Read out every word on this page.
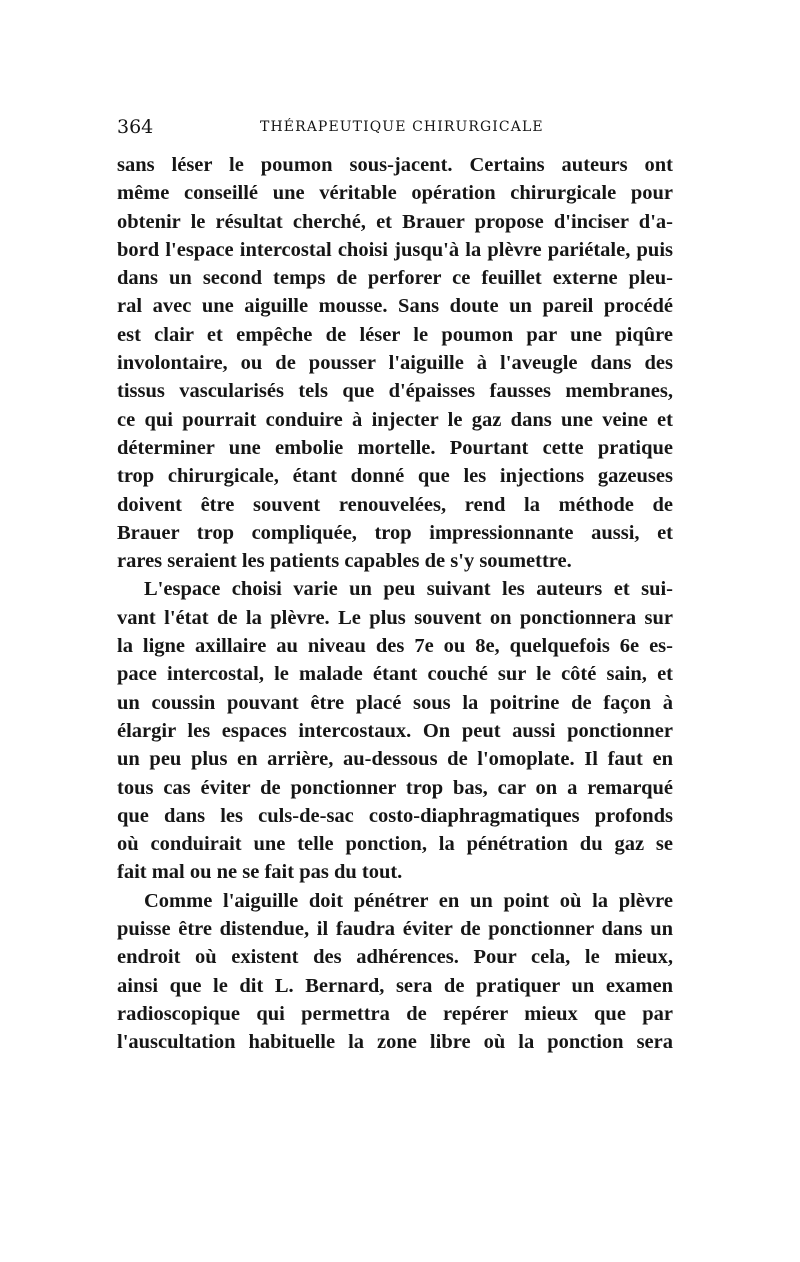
364	THÉRAPEUTIQUE CHIRURGICALE
sans léser le poumon sous-jacent. Certains auteurs ont
même conseillé une véritable opération chirurgicale pour
obtenir le résultat cherché, et Brauer propose d'inciser d'a-
bord l'espace intercostal choisi jusqu'à la plèvre pariétale, puis
dans un second temps de perforer ce feuillet externe pleu-
ral avec une aiguille mousse. Sans doute un pareil procédé
est clair et empêche de léser le poumon par une piqûre
involontaire, ou de pousser l'aiguille à l'aveugle dans des
tissus vascularisés tels que d'épaisses fausses membranes,
ce qui pourrait conduire à injecter le gaz dans une veine et
déterminer une embolie mortelle. Pourtant cette pratique
trop chirurgicale, étant donné que les injections gazeuses
doivent être souvent renouvelées, rend la méthode de
Brauer trop compliquée, trop impressionnante aussi, et
rares seraient les patients capables de s'y soumettre.
L'espace choisi varie un peu suivant les auteurs et sui-
vant l'état de la plèvre. Le plus souvent on ponctionnera sur
la ligne axillaire au niveau des 7e ou 8e, quelquefois 6e es-
pace intercostal, le malade étant couché sur le côté sain, et
un coussin pouvant être placé sous la poitrine de façon à
élargir les espaces intercostaux. On peut aussi ponctionner
un peu plus en arrière, au-dessous de l'omoplate. Il faut en
tous cas éviter de ponctionner trop bas, car on a remarqué
que dans les culs-de-sac costo-diaphragmatiques profonds
où conduirait une telle ponction, la pénétration du gaz se
fait mal ou ne se fait pas du tout.
Comme l'aiguille doit pénétrer en un point où la plèvre
puisse être distendue, il faudra éviter de ponctionner dans un
endroit où existent des adhérences. Pour cela, le mieux,
ainsi que le dit L. Bernard, sera de pratiquer un examen
radioscopique qui permettra de repérer mieux que par
l'auscultation habituelle la zone libre où la ponction sera
